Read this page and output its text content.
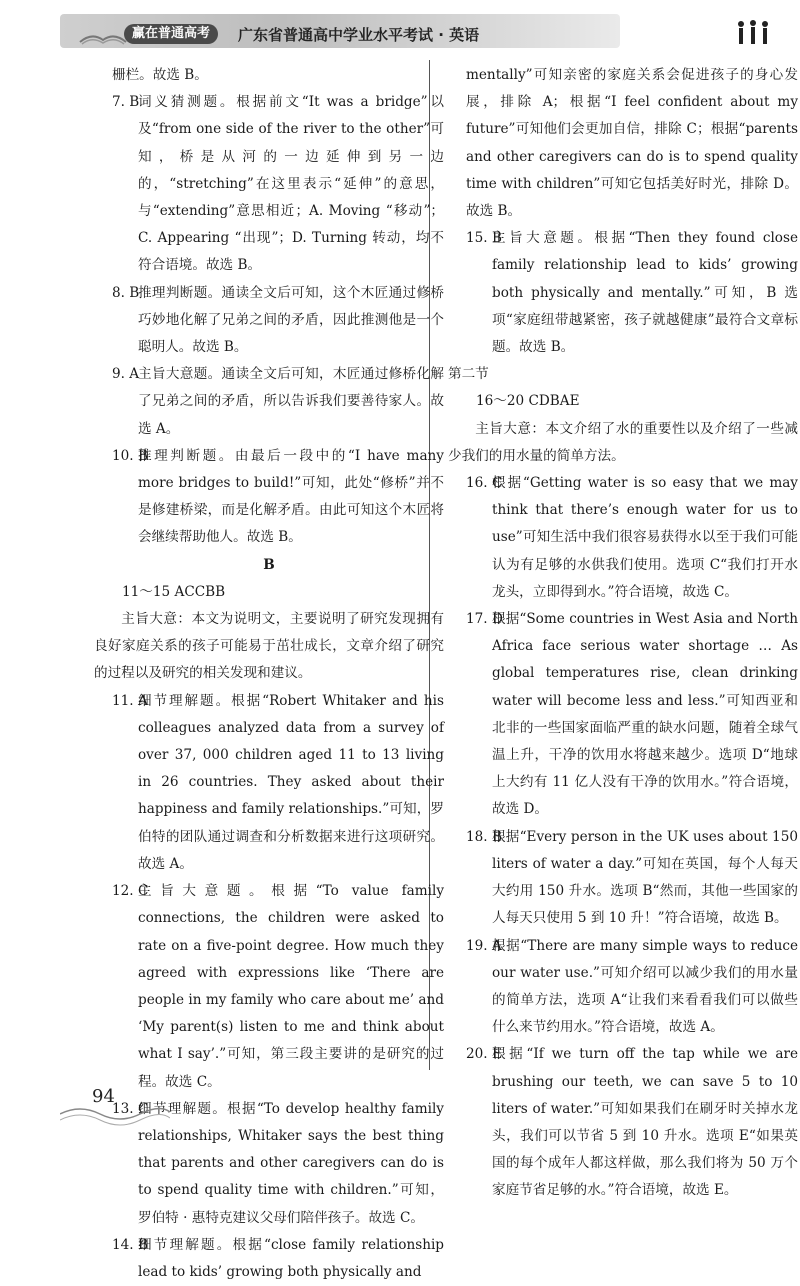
赢在普通高考	广东省普通高中学业水平考试 · 英语
栅栏。故选 B。
7. B
词义猜测题。根据前文“It was a bridge”以及“from one side of the river to the other”可知，桥是从河的一边延伸到另一边的，“stretching”在这里表示“延伸”的意思，与“extending”意思相近；A. Moving “移动”；C. Appearing “出现”；D. Turning 转动，均不符合语境。故选 B。
8. B
推理判断题。通读全文后可知，这个木匠通过修桥巧妙地化解了兄弟之间的矛盾，因此推测他是一个聪明人。故选 B。
9. A
主旨大意题。通读全文后可知，木匠通过修桥化解了兄弟之间的矛盾，所以告诉我们要善待家人。故选 A。
10. B
推理判断题。由最后一段中的“I have many more bridges to build!”可知，此处“修桥”并不是修建桥梁，而是化解矛盾。由此可知这个木匠将会继续帮助他人。故选 B。
B
11～15 ACCBB
主旨大意：本文为说明文，主要说明了研究发现拥有良好家庭关系的孩子可能易于茁壮成长，文章介绍了研究的过程以及研究的相关发现和建议。
11. A
细节理解题。根据“Robert Whitaker and his colleagues analyzed data from a survey of over 37, 000 children aged 11 to 13 living in 26 countries. They asked about their happiness and family relationships.”可知，罗伯特的团队通过调查和分析数据来进行这项研究。故选 A。
12. C
主旨大意题。根据“To value family connections, the children were asked to rate on a five-point degree. How much they agreed with expressions like ‘There are people in my family who care about me’ and ‘My parent(s) listen to me and think about what I say’.”可知，第三段主要讲的是研究的过程。故选 C。
13. C
细节理解题。根据“To develop healthy family relationships, Whitaker says the best thing that parents and other caregivers can do is to spend quality time with children.”可知，罗伯特 · 惠特克建议父母们陪伴孩子。故选 C。
14. B
细节理解题。根据“close family relationship lead to kids’ growing both physically and
mentally”可知亲密的家庭关系会促进孩子的身心发展，排除 A；根据“I feel confident about my future”可知他们会更加自信，排除 C；根据“parents and other caregivers can do is to spend quality time with children”可知它包括美好时光，排除 D。故选 B。
15. B
主旨大意题。根据“Then they found close family relationship lead to kids’ growing both physically and mentally.”可知，B 选项“家庭纽带越紧密，孩子就越健康”最符合文章标题。故选 B。
第二节
16～20 CDBAE
主旨大意：本文介绍了水的重要性以及介绍了一些减少我们的用水量的简单方法。
16. C
根据“Getting water is so easy that we may think that there’s enough water for us to use”可知生活中我们很容易获得水以至于我们可能认为有足够的水供我们使用。选项 C“我们打开水龙头，立即得到水。”符合语境，故选 C。
17. D
根据“Some countries in West Asia and North Africa face serious water shortage … As global temperatures rise, clean drinking water will become less and less.”可知西亚和北非的一些国家面临严重的缺水问题，随着全球气温上升，干净的饮用水将越来越少。选项 D“地球上大约有 11 亿人没有干净的饮用水。”符合语境，故选 D。
18. B
根据“Every person in the UK uses about 150 liters of water a day.”可知在英国，每个人每天大约用 150 升水。选项 B“然而，其他一些国家的人每天只使用 5 到 10 升！”符合语境，故选 B。
19. A
根据“There are many simple ways to reduce our water use.”可知介绍可以减少我们的用水量的简单方法，选项 A“让我们来看看我们可以做些什么来节约用水。”符合语境，故选 A。
20. E
根据“If we turn off the tap while we are brushing our teeth, we can save 5 to 10 liters of water.”可知如果我们在刷牙时关掉水龙头，我们可以节省 5 到 10 升水。选项 E“如果英国的每个成年人都这样做，那么我们将为 50 万个家庭节省足够的水。”符合语境，故选 E。
94
